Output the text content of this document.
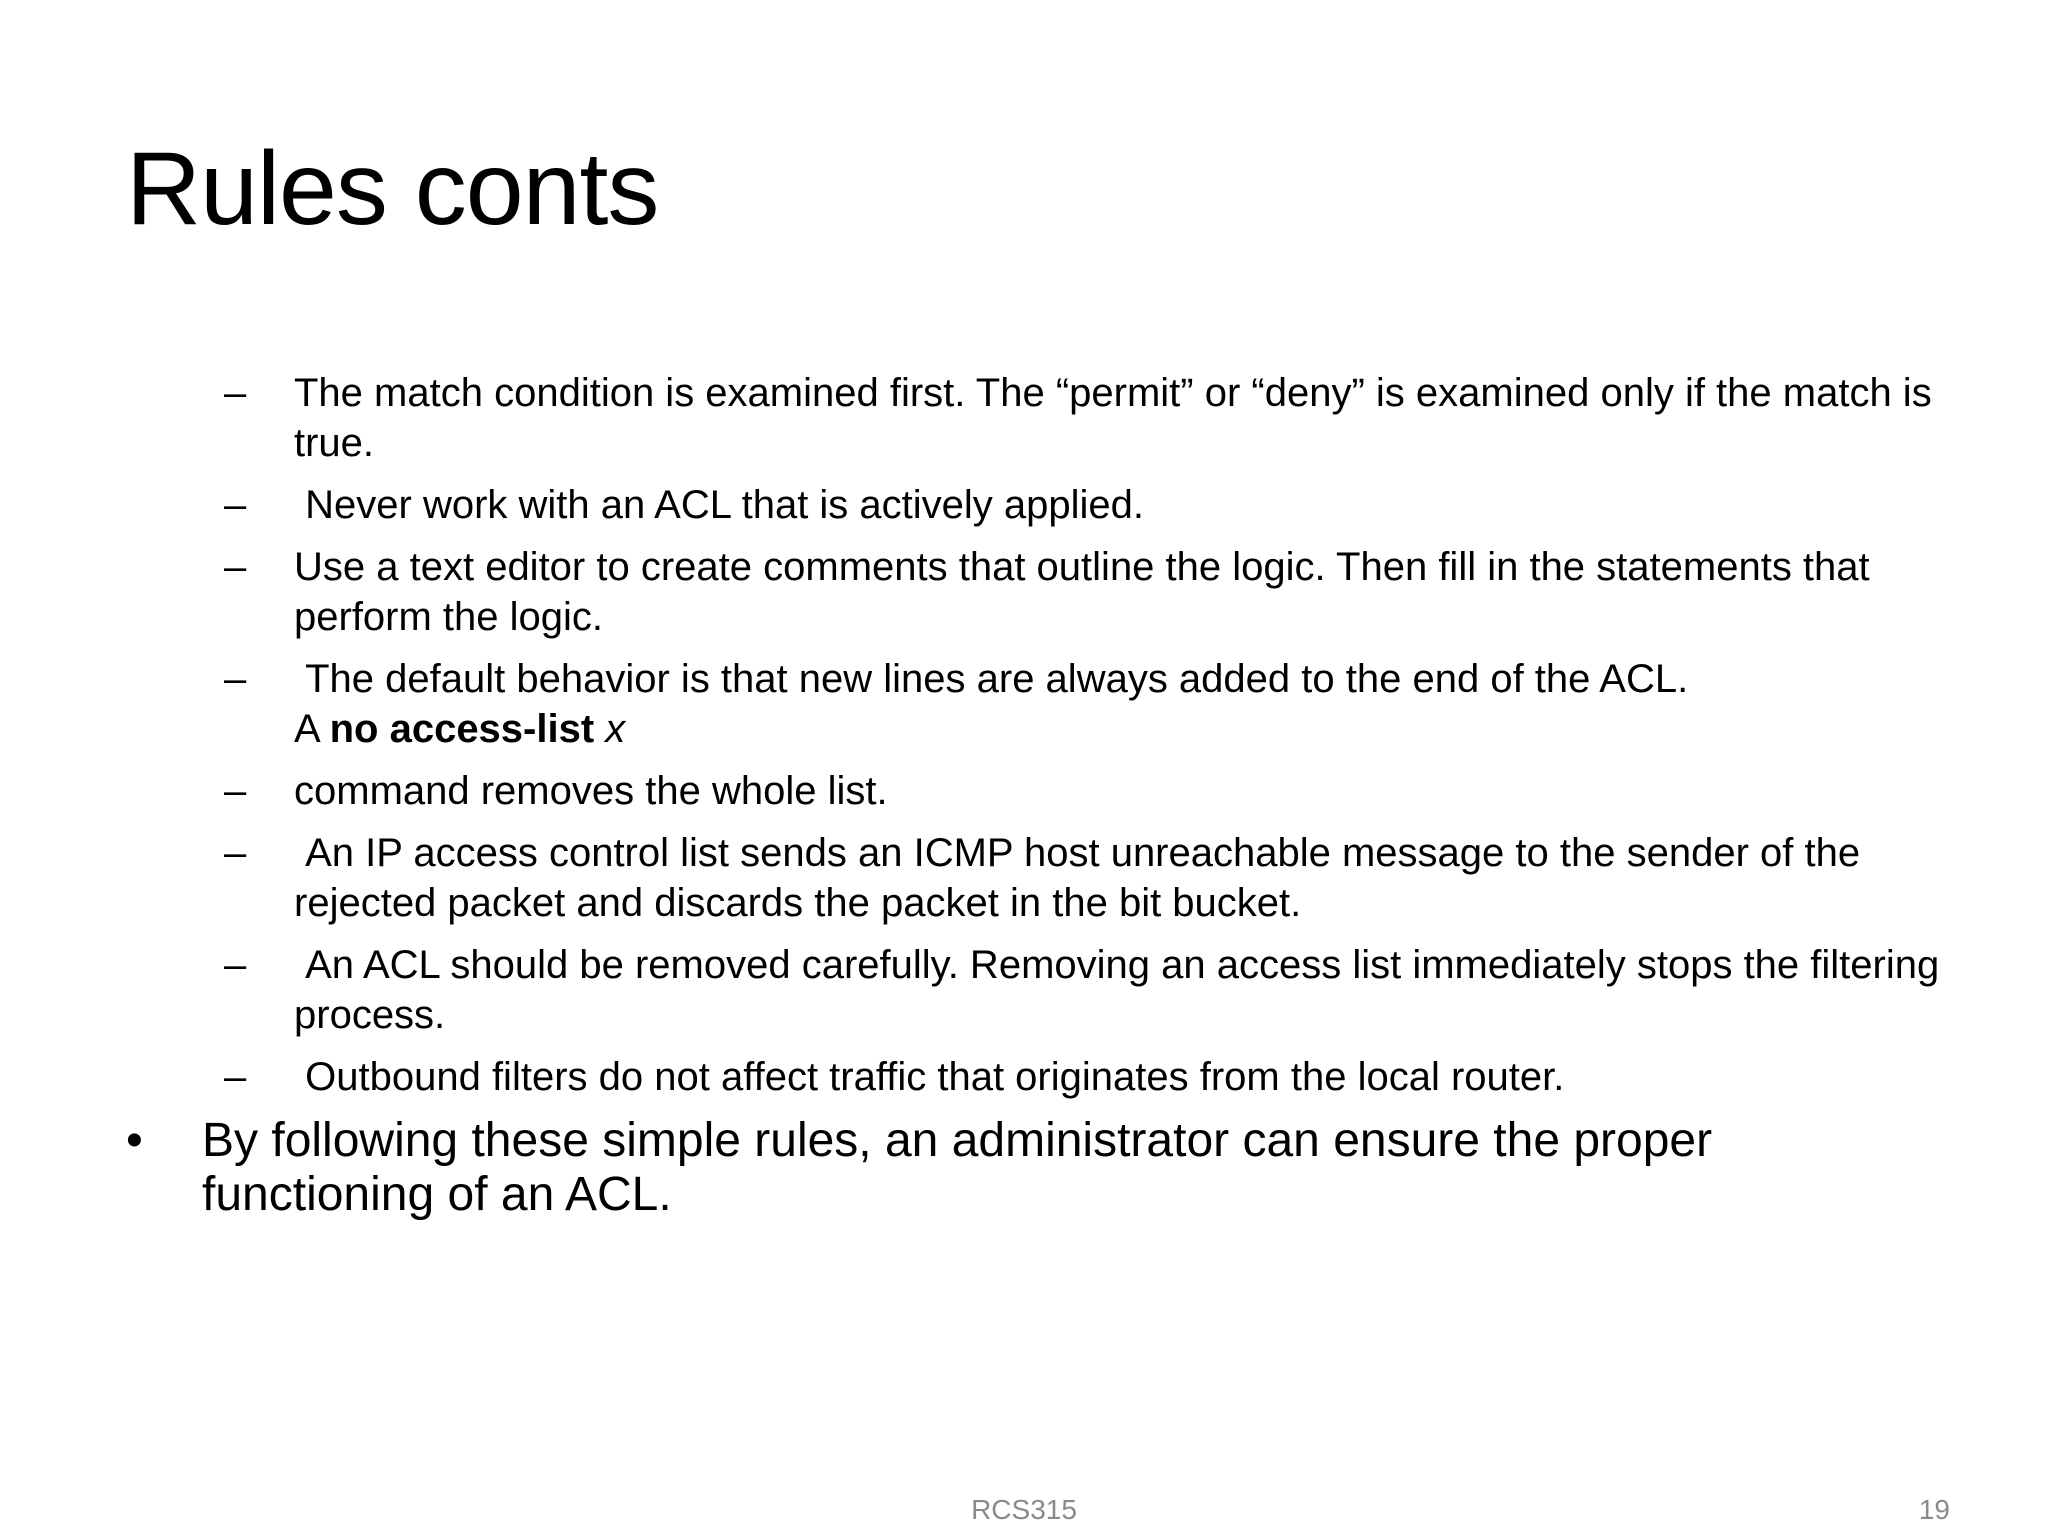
Rules conts
–	The match condition is examined first. The “permit” or “deny” is examined only if the match is true.
–	Never work with an ACL that is actively applied.
–	Use a text editor to create comments that outline the logic. Then fill in the statements that perform the logic.
–	The default behavior is that new lines are always added to the end of the ACL.
A no access-list x
–	command removes the whole list.
–	An IP access control list sends an ICMP host unreachable message to the sender of the rejected packet and discards the packet in the bit bucket.
–	An ACL should be removed carefully. Removing an access list immediately stops the filtering process.
–	Outbound filters do not affect traffic that originates from the local router.
•	By following these simple rules, an administrator can ensure the proper functioning of an ACL.
RCS315	19
